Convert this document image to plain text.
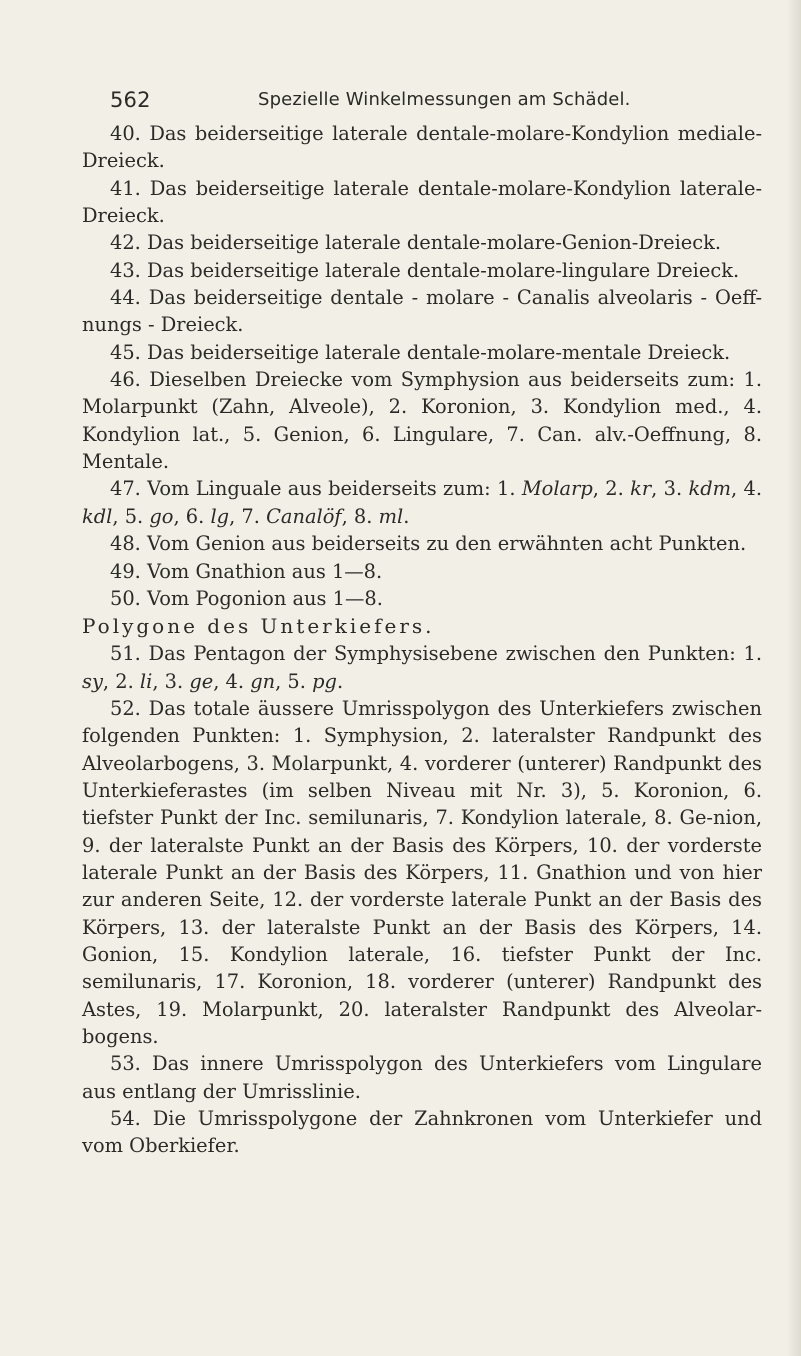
562	Spezielle Winkelmessungen am Schädel.

40. Das beiderseitige laterale dentale-molare-Kondylion mediale-Dreieck.

41. Das beiderseitige laterale dentale-molare-Kondylion laterale-Dreieck.

42. Das beiderseitige laterale dentale-molare-Genion-Dreieck.

43. Das beiderseitige laterale dentale-molare-lingulare Dreieck.

44. Das beiderseitige dentale - molare - Canalis alveolaris - Oeff-nungs - Dreieck.

45. Das beiderseitige laterale dentale-molare-mentale Dreieck.

46. Dieselben Dreiecke vom Symphysion aus beiderseits zum: 1. Molarpunkt (Zahn, Alveole), 2. Koronion, 3. Kondylion med., 4. Kondylion lat., 5. Genion, 6. Lingulare, 7. Can. alv.-Oeffnung, 8. Mentale.

47. Vom Linguale aus beiderseits zum: 1. Molarp, 2. kr, 3. kdm, 4. kdl, 5. go, 6. lg, 7. Canalöf, 8. ml.

48. Vom Genion aus beiderseits zu den erwähnten acht Punkten.

49. Vom Gnathion aus 1—8.

50. Vom Pogonion aus 1—8.

Polygone des Unterkiefers.

51. Das Pentagon der Symphysisebene zwischen den Punkten: 1. sy, 2. li, 3. ge, 4. gn, 5. pg.

52. Das totale äussere Umrisspolygon des Unterkiefers zwischen folgenden Punkten: 1. Symphysion, 2. lateralster Randpunkt des Alveolarbogens, 3. Molarpunkt, 4. vorderer (unterer) Randpunkt des Unterkieferastes (im selben Niveau mit Nr. 3), 5. Koronion, 6. tiefster Punkt der Inc. semilunaris, 7. Kondylion laterale, 8. Ge-nion, 9. der lateralste Punkt an der Basis des Körpers, 10. der vorderste laterale Punkt an der Basis des Körpers, 11. Gnathion und von hier zur anderen Seite, 12. der vorderste laterale Punkt an der Basis des Körpers, 13. der lateralste Punkt an der Basis des Körpers, 14. Gonion, 15. Kondylion laterale, 16. tiefster Punkt der Inc. semilunaris, 17. Koronion, 18. vorderer (unterer) Randpunkt des Astes, 19. Molarpunkt, 20. lateralster Randpunkt des Alveolar-bogens.

53. Das innere Umrisspolygon des Unterkiefers vom Lingulare aus entlang der Umrisslinie.

54. Die Umrisspolygone der Zahnkronen vom Unterkiefer und vom Oberkiefer.
